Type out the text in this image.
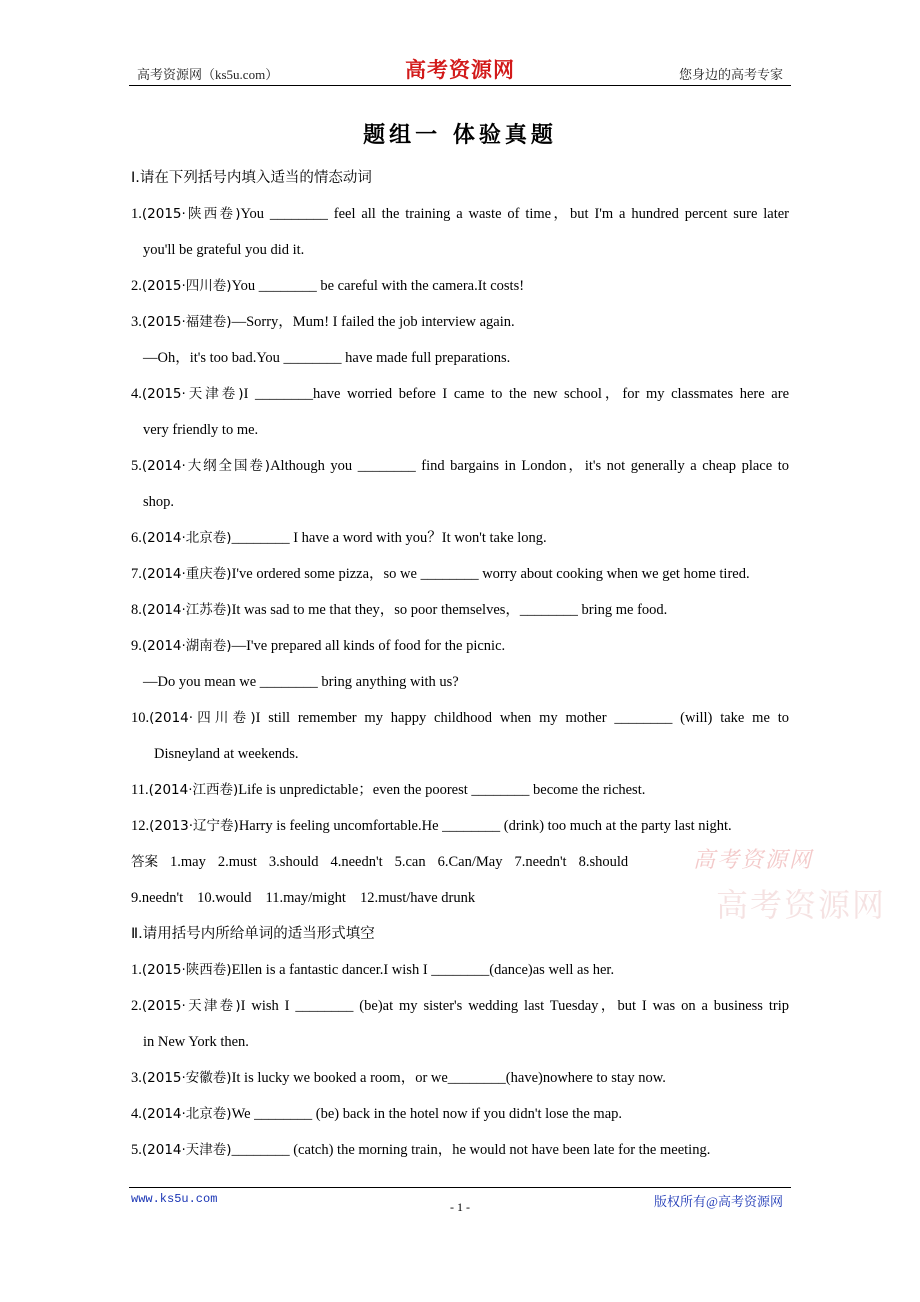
高考资源网（ks5u.com）	高考资源网	您身边的高考专家
题组一 体验真题
Ⅰ.请在下列括号内填入适当的情态动词
1.(2015·陕西卷)You ________ feel all the training a waste of time，but I'm a hundred percent sure later
you'll be grateful you did it.
2.(2015·四川卷)You ________ be careful with the camera.It costs!
3.(2015·福建卷)—Sorry，Mum! I failed the job interview again.
—Oh，it's too bad.You ________ have made full preparations.
4.(2015·天津卷)I ________have worried before I came to the new school，for my classmates here are
very friendly to me.
5.(2014·大纲全国卷)Although you ________ find bargains in London，it's not generally a cheap place to
shop.
6.(2014·北京卷)________ I have a word with you？It won't take long.
7.(2014·重庆卷)I've ordered some pizza，so we ________ worry about cooking when we get home tired.
8.(2014·江苏卷)It was sad to me that they，so poor themselves，________ bring me food.
9.(2014·湖南卷)—I've prepared all kinds of food for the picnic.
—Do you mean we ________ bring anything with us?
10.(2014·四川卷)I still remember my happy childhood when my mother ________ (will) take me to
Disneyland at weekends.
11.(2014·江西卷)Life is unpredictable；even the poorest ________ become the richest.
12.(2013·辽宁卷)Harry is feeling uncomfortable.He ________ (drink) too much at the party last night.
答案 1.may 2.must 3.should 4.needn't 5.can 6.Can/May 7.needn't 8.should
9.needn't 10.would 11.may/might 12.must/have drunk
Ⅱ.请用括号内所给单词的适当形式填空
1.(2015·陕西卷)Ellen is a fantastic dancer.I wish I ________(dance)as well as her.
2.(2015·天津卷)I wish I ________ (be)at my sister's wedding last Tuesday，but I was on a business trip
in New York then.
3.(2015·安徽卷)It is lucky we booked a room，or we________(have)nowhere to stay now.
4.(2014·北京卷)We ________ (be) back in the hotel now if you didn't lose the map.
5.(2014·天津卷)________ (catch) the morning train，he would not have been late for the meeting.
高考资源网
高考资源网
www.ks5u.com
- 1 -	版权所有@高考资源网
